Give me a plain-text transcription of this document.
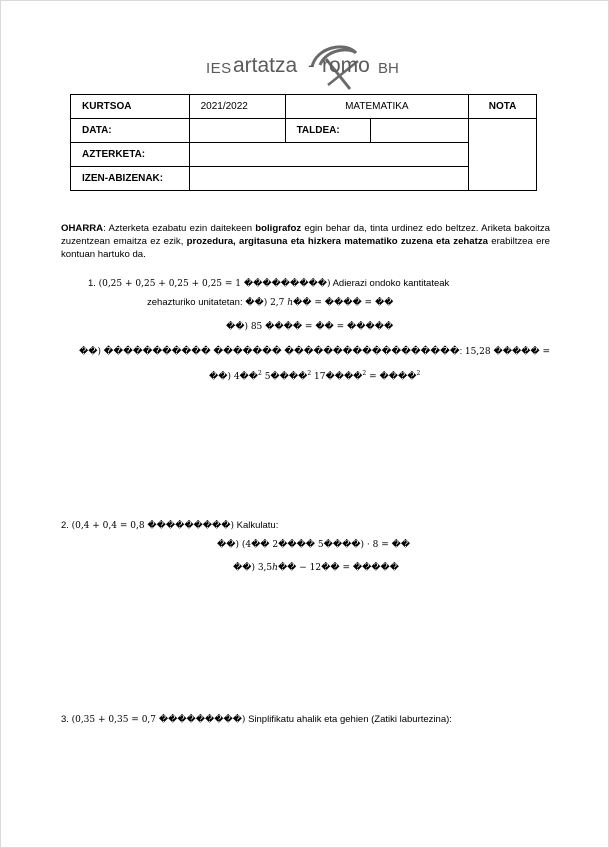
IES artatza - romo BH
KURTSOA	2021/2022	MATEMATIKA		NOTA
DATA:		TALDEA:		
AZTERKETA:				
IZEN-ABIZENAK:				
OHARRA: Azterketa ezabatu ezin daitekeen boligrafoz egin behar da, tinta urdinez edo beltzez. Ariketa bakoitza zuzentzean emaitza ez ezik, prozedura, argitasuna eta hizkera matematiko zuzena eta zehatza erabiltzea ere kontuan hartuko da.
1. (0,25 + 0,25 + 0,25 + 0,25 = 1 ���������) Adierazi ondoko kantitateak
zehazturiko unitatetan: ��) 2,7 h�� = ���� = ��
��) 85 ���� = �� = �����
��) ����������� ������� ������������������: 15,28 ����� =
��) 4��$^2$ 5����$^2$ 17����$^2$ = ����$^2$
2. (0,4 + 0,4 = 0,8 ���������) Kalkulatu:
��) (4�� 2���� 5����) · 8 = ��
��) 3,5h�� − 12�� = �����
3. (0,35 + 0,35 = 0,7 ���������) Sinplifikatu ahalik eta gehien (Zatiki laburtezina):
